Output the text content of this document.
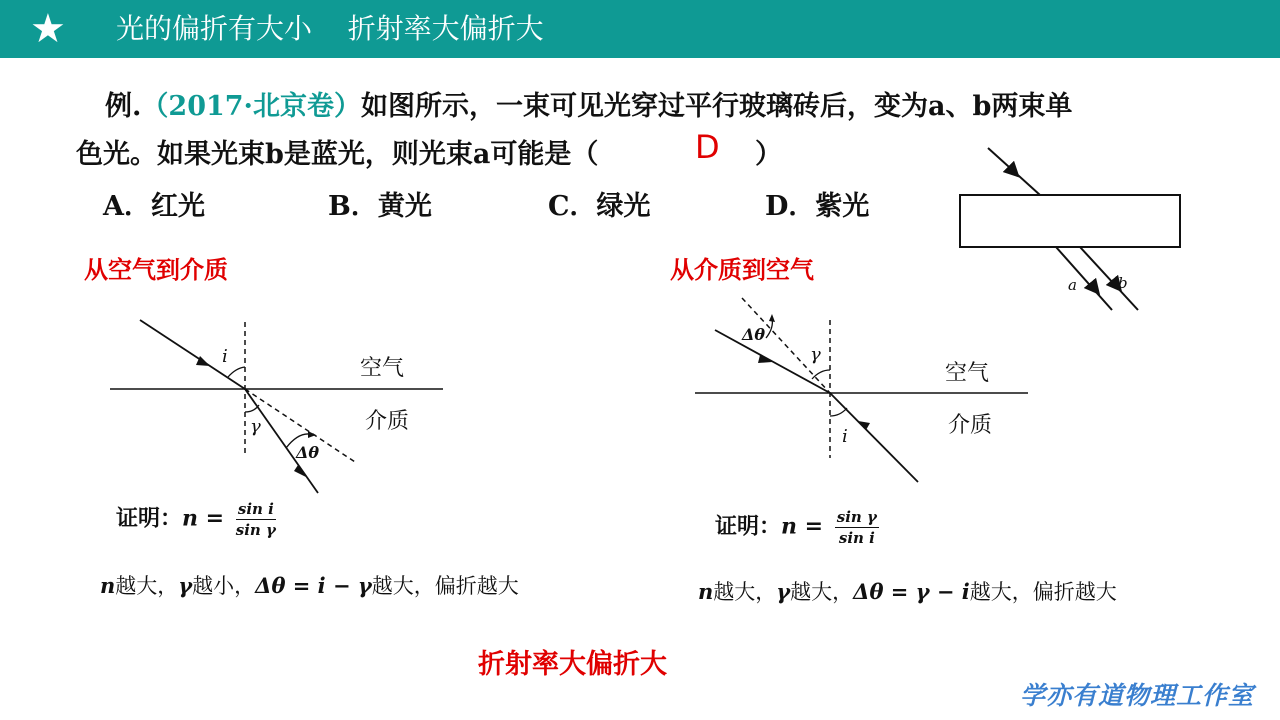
★ 光的偏折有大小    折射率大偏折大
例.（2017·北京卷）如图所示，一束可见光穿过平行玻璃砖后，变为a、b两束单
色光。如果光束b是蓝光，则光束a可能是（	D ）
A．红光	B．黄光	C．绿光	D．紫光
a	b
从空气到介质
i
γ
Δθ
空气
介质
证明：$n = \frac{\text{sin i}}{\text{sin γ}}$
n越大，γ越小，Δθ = i − γ越大，偏折越大
从介质到空气
γ
i
Δθ
空气
介质
证明：$n = \frac{\text{sin γ}}{\text{sin i}}$
n越大，γ越大，Δθ = γ − i越大，偏折越大
折射率大偏折大
学亦有道物理工作室
